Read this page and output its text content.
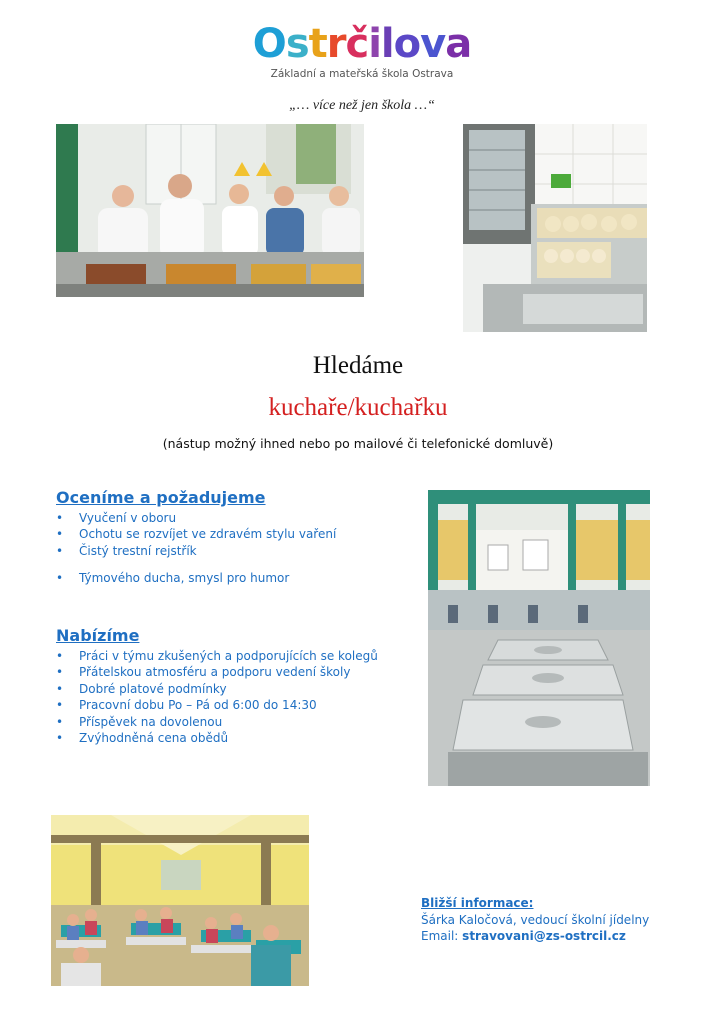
Ostrčilova
Základní a mateřská škola Ostrava
„… více než jen škola …“
Hledáme
kuchaře/kuchařku
(nástup možný ihned nebo po mailové či telefonické domluvě)
Oceníme a požadujeme
• Vyučení v oboru
• Ochotu se rozvíjet ve zdravém stylu vaření
• Čistý trestní rejstřík
• Týmového ducha, smysl pro humor
Nabízíme
• Práci v týmu zkušených a podporujících se kolegů
• Přátelskou atmosféru a podporu vedení školy
• Dobré platové podmínky
• Pracovní dobu Po – Pá od 6:00 do 14:30
• Příspěvek na dovolenou
• Zvýhodněná cena obědů
Bližší informace:
Šárka Kaločová, vedoucí školní jídelny
Email: stravovani@zs-ostrcil.cz
